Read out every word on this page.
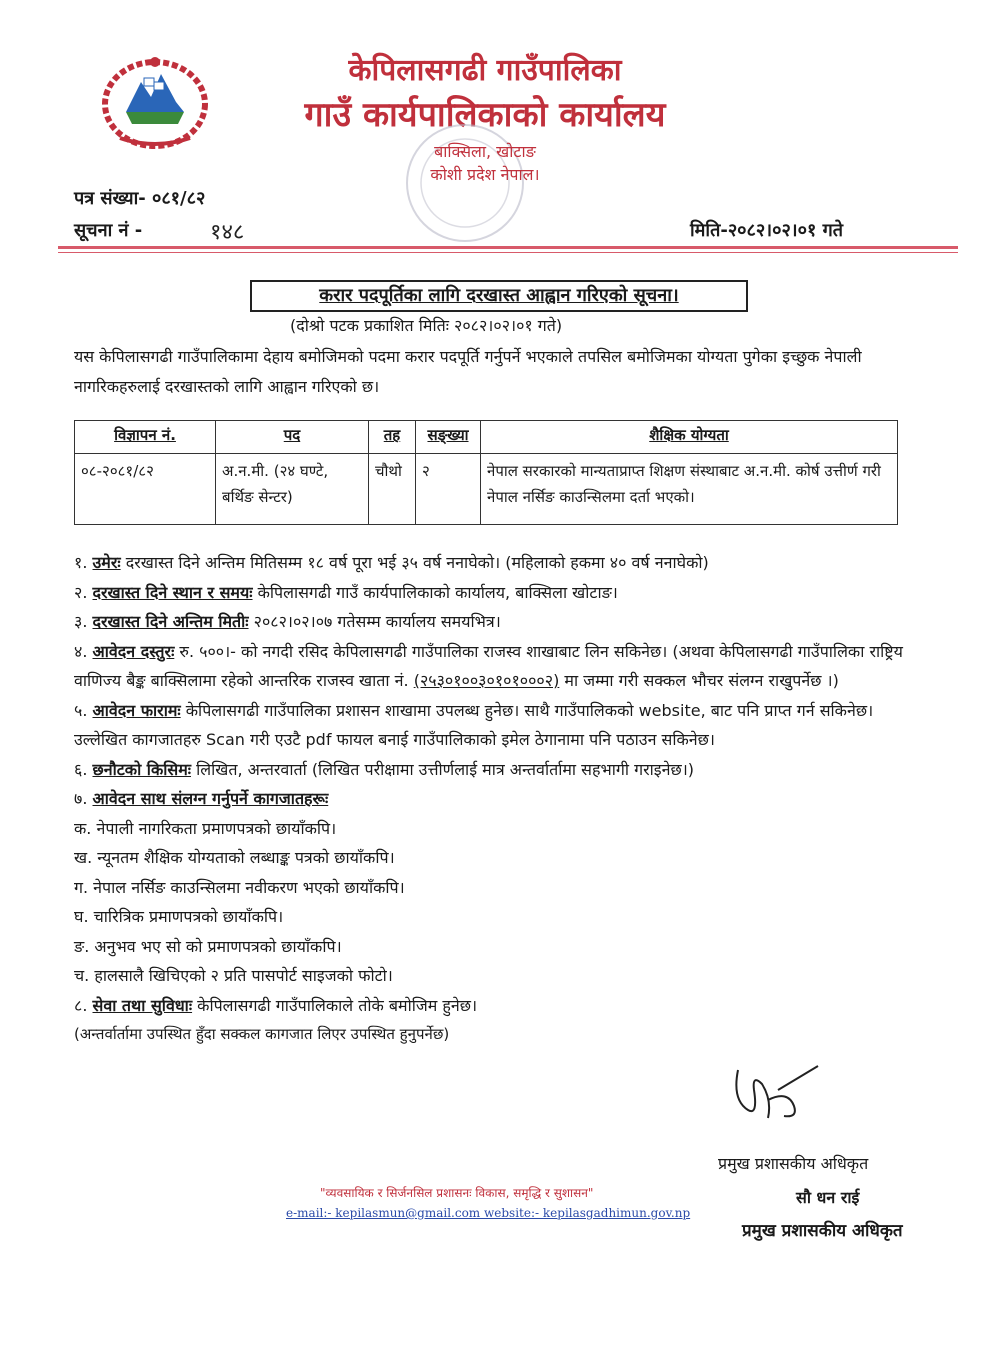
केपिलासगढी गाउँपालिका
गाउँ कार्यपालिकाको कार्यालय
बाक्सिला, खोटाङ
कोशी प्रदेश नेपाल।
पत्र संख्या- ०८१/८२
सूचना नं -	१४८	मिति-२०८२।०२।०१ गते
करार पदपूर्तिका लागि दरखास्त आह्वान गरिएको सूचना।
(दोश्रो पटक प्रकाशित मितिः २०८२।०२।०१ गते)
यस केपिलासगढी गाउँपालिकामा देहाय बमोजिमको पदमा करार पदपूर्ति गर्नुपर्ने भएकाले तपसिल बमोजिमका योग्यता पुगेका इच्छुक नेपाली नागरिकहरुलाई दरखास्तको लागि आह्वान गरिएको छ।
विज्ञापन नं.	पद	तह	सङ्ख्या	शैक्षिक योग्यता
०८-२०८१/८२	अ.न.मी. (२४ घण्टे, बर्थिङ सेन्टर)	चौथो	२	नेपाल सरकारको मान्यताप्राप्त शिक्षण संस्थाबाट अ.न.मी. कोर्ष उत्तीर्ण गरी नेपाल नर्सिङ काउन्सिलमा दर्ता भएको।

१. उमेरः दरखास्त दिने अन्तिम मितिसम्म १८ वर्ष पूरा भई ३५ वर्ष ननाघेको। (महिलाको हकमा ४० वर्ष ननाघेको)

२. दरखास्त दिने स्थान र समयः केपिलासगढी गाउँ कार्यपालिकाको कार्यालय, बाक्सिला खोटाङ।

३. दरखास्त दिने अन्तिम मितीः २०८२।०२।०७ गतेसम्म कार्यालय समयभित्र।

४. आवेदन दस्तुरः रु. ५००।- को नगदी रसिद केपिलासगढी गाउँपालिका राजस्व शाखाबाट लिन सकिनेछ। (अथवा केपिलासगढी गाउँपालिका राष्ट्रिय वाणिज्य बैङ्क बाक्सिलामा रहेको आन्तरिक राजस्व खाता नं. (२५३०१००३०१०१०००२) मा जम्मा गरी सक्कल भौचर संलग्न राखुपर्नेछ ।)

५. आवेदन फारामः केपिलासगढी गाउँपालिका प्रशासन शाखामा उपलब्ध हुनेछ। साथै गाउँपालिकको website, बाट पनि प्राप्त गर्न सकिनेछ। उल्लेखित कागजातहरु Scan गरी एउटै pdf फायल बनाई गाउँपालिकाको इमेल ठेगानामा पनि पठाउन सकिनेछ।

६. छनौटको किसिमः लिखित, अन्तरवार्ता (लिखित परीक्षामा उत्तीर्णलाई मात्र अन्तर्वार्तामा सहभागी गराइनेछ।)

७. आवेदन साथ संलग्न गर्नुपर्ने कागजातहरूः

क. नेपाली नागरिकता प्रमाणपत्रको छायाँकपि।

ख. न्यूनतम शैक्षिक योग्यताको लब्धाङ्क पत्रको छायाँकपि।

ग. नेपाल नर्सिङ काउन्सिलमा नवीकरण भएको छायाँकपि।

घ. चारित्रिक प्रमाणपत्रको छायाँकपि।

ङ. अनुभव भए सो को प्रमाणपत्रको छायाँकपि।

च. हालसालै खिचिएको २ प्रति पासपोर्ट साइजको फोटो।

८. सेवा तथा सुविधाः केपिलासगढी गाउँपालिकाले तोके बमोजिम हुनेछ।

(अन्तर्वार्तामा उपस्थित हुँदा सक्कल कागजात लिएर उपस्थित हुनुपर्नेछ)

प्रमुख प्रशासकीय अधिकृत
सौ धन राई
प्रमुख प्रशासकीय अधिकृत
"व्यवसायिक र सिर्जनसिल प्रशासनः विकास, समृद्धि र सुशासन"
e-mail:- kepilasmun@gmail.com website:- kepilasgadhimun.gov.np
